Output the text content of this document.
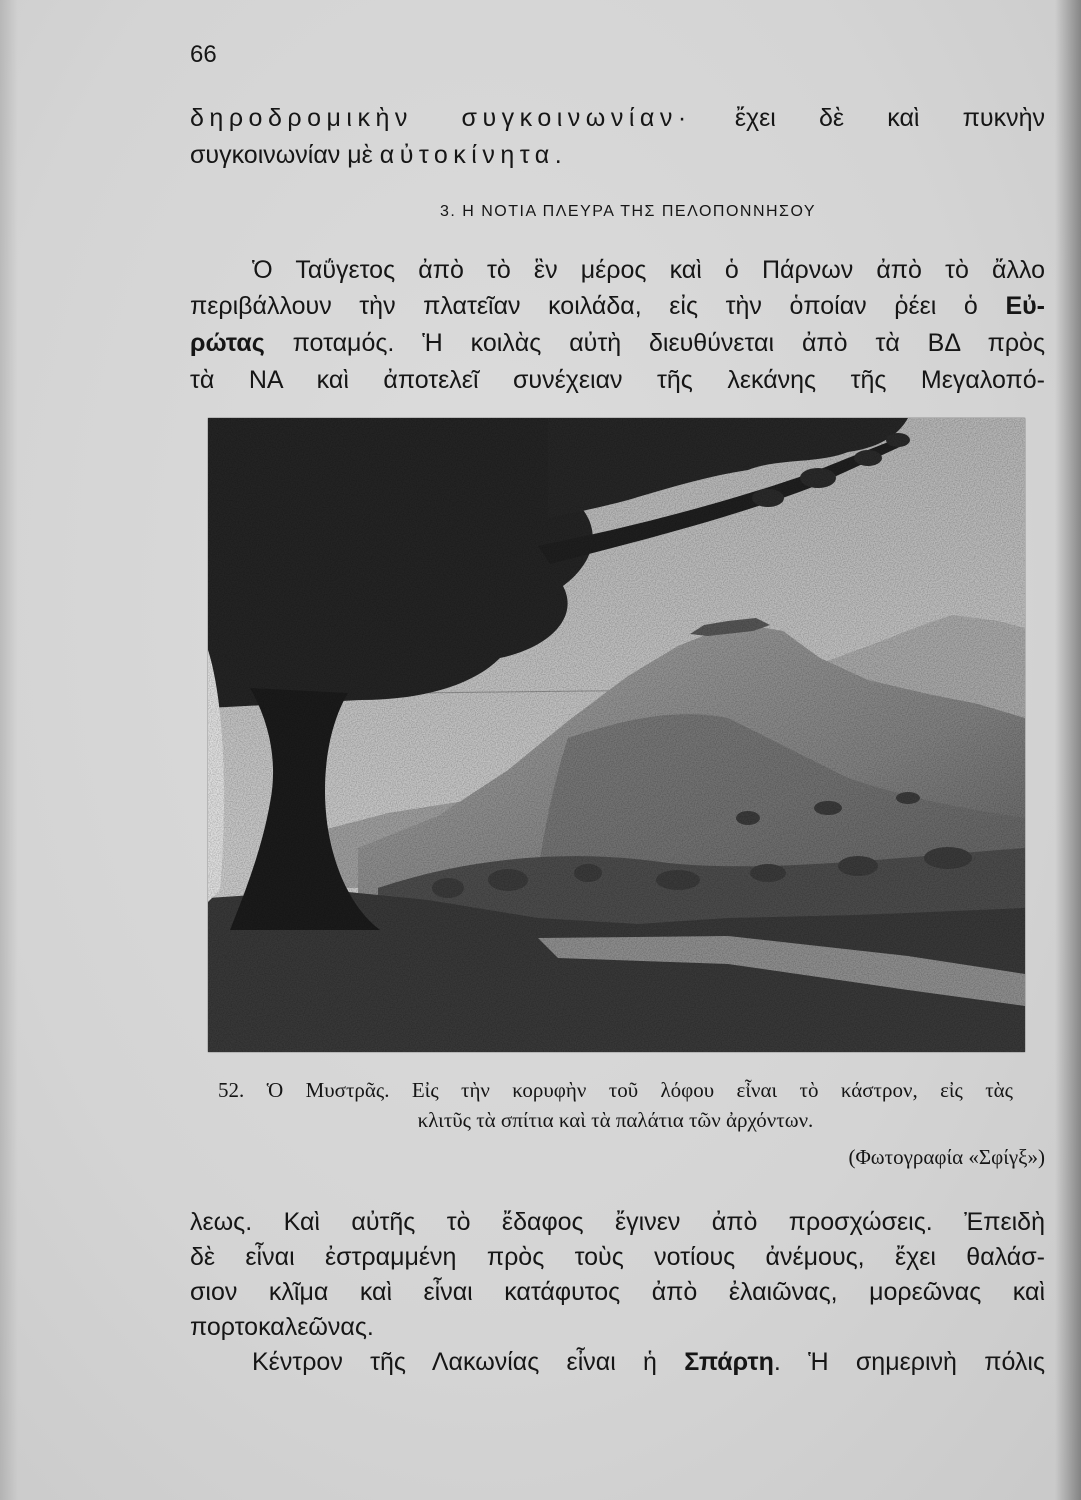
66
δηροδρομικὴν συγκοινωνίαν· ἔχει δὲ καὶ πυκνὴν
συγκοινωνίαν μὲ αὐτοκίνητα.
3. Η ΝΟΤΙΑ ΠΛΕΥΡΑ ΤΗΣ ΠΕΛΟΠΟΝΝΗΣΟΥ
Ὁ Ταΰγετος ἀπὸ τὸ ἓν μέρος καὶ ὁ Πάρνων ἀπὸ τὸ ἄλλο
περιβάλλουν τὴν πλατεῖαν κοιλάδα, εἰς τὴν ὁποίαν ῥέει ὁ Εὐ-
ρώτας ποταμός. Ἡ κοιλὰς αὐτὴ διευθύνεται ἀπὸ τὰ ΒΔ πρὸς
τὰ ΝΑ καὶ ἀποτελεῖ συνέχειαν τῆς λεκάνης τῆς Μεγαλοπό-
52. Ὁ Μυστρᾶς. Εἰς τὴν κορυφὴν τοῦ λόφου εἶναι τὸ κάστρον, εἰς τὰς
κλιτῦς τὰ σπίτια καὶ τὰ παλάτια τῶν ἀρχόντων.
(Φωτογραφία «Σφίγξ»)
λεως. Καὶ αὐτῆς τὸ ἔδαφος ἔγινεν ἀπὸ προσχώσεις. Ἐπειδὴ
δὲ εἶναι ἐστραμμένη πρὸς τοὺς νοτίους ἀνέμους, ἔχει θαλάσ-
σιον κλῖμα καὶ εἶναι κατάφυτος ἀπὸ ἐλαιῶνας, μορεῶνας καὶ
πορτοκαλεῶνας.
Κέντρον τῆς Λακωνίας εἶναι ἡ Σπάρτη. Ἡ σημερινὴ πόλις
